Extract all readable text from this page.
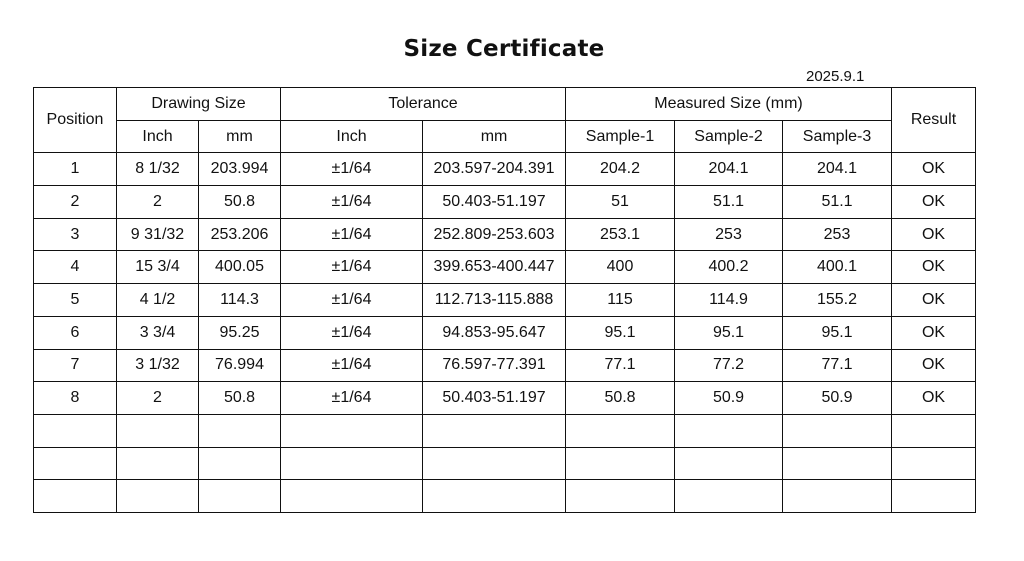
Size Certificate
2025.9.1
Position	Drawing Size		Tolerance		Measured Size (mm)			Result
	Inch	mm	Inch	mm	Sample-1	Sample-2	Sample-3	
1	8 1/32	203.994	±1/64	203.597-204.391	204.2	204.1	204.1	OK
2	2	50.8	±1/64	50.403-51.197	51	51.1	51.1	OK
3	9 31/32	253.206	±1/64	252.809-253.603	253.1	253	253	OK
4	15 3/4	400.05	±1/64	399.653-400.447	400	400.2	400.1	OK
5	4 1/2	114.3	±1/64	112.713-115.888	115	114.9	155.2	OK
6	3 3/4	95.25	±1/64	94.853-95.647	95.1	95.1	95.1	OK
7	3 1/32	76.994	±1/64	76.597-77.391	77.1	77.2	77.1	OK
8	2	50.8	±1/64	50.403-51.197	50.8	50.9	50.9	OK
